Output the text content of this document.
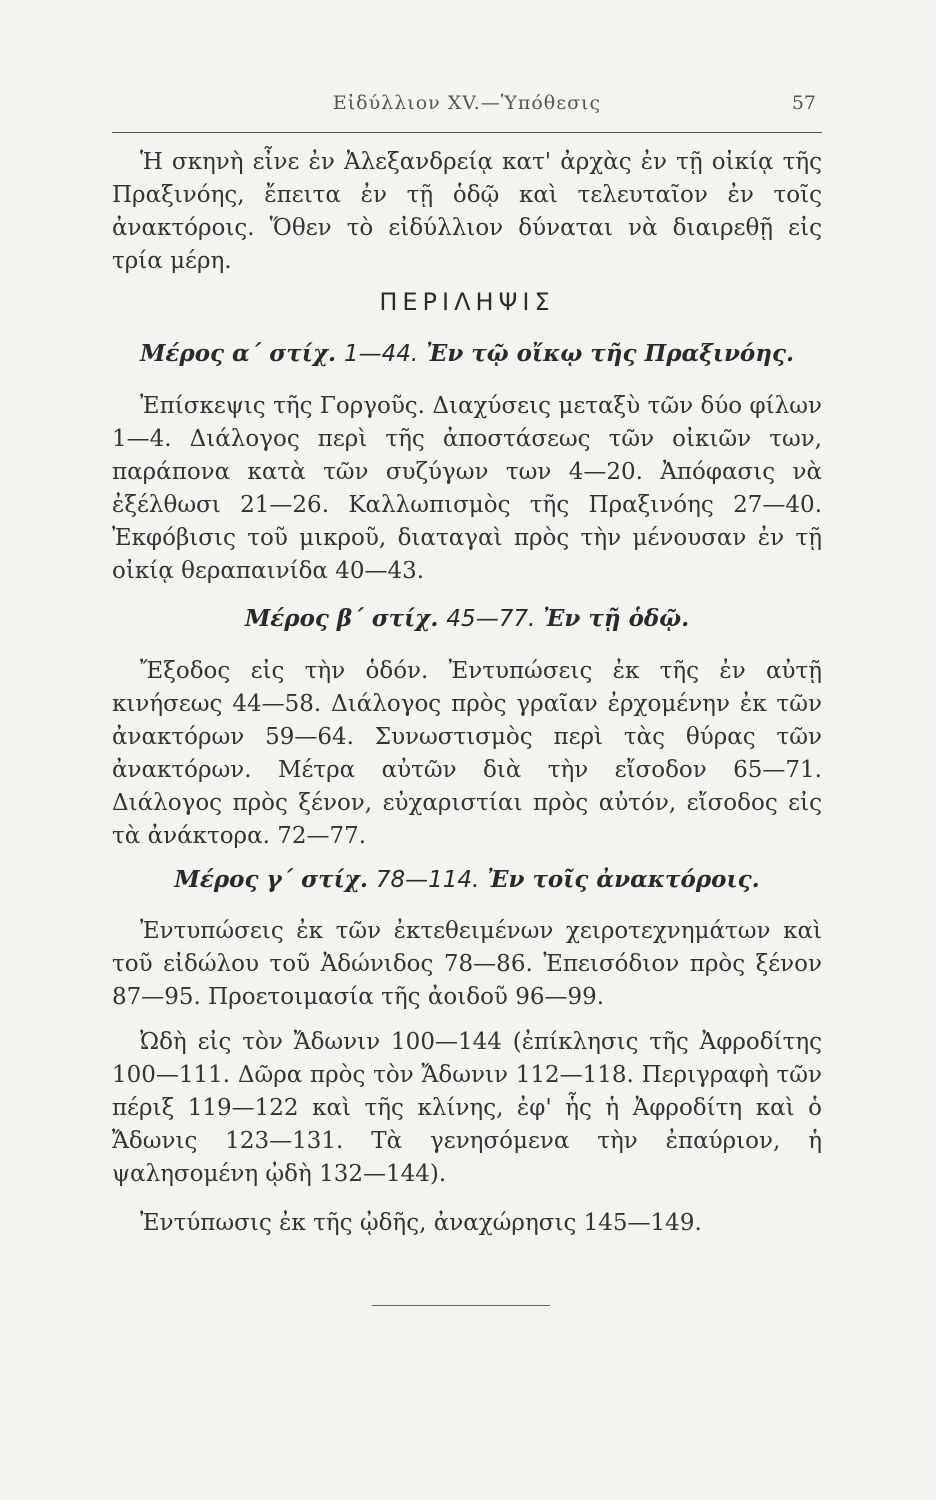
Εἰδύλλιον XV.—Ὑπόθεσις	57

Ἡ σκηνὴ εἶνε ἐν Ἀλεξανδρείᾳ κατ' ἀρχὰς ἐν τῇ οἰκίᾳ τῆς Πραξινόης, ἔπειτα ἐν τῇ ὁδῷ καὶ τελευταῖον ἐν τοῖς ἀνακτόροις. Ὅθεν τὸ εἰδύλλιον δύναται νὰ διαιρεθῇ εἰς τρία μέρη.

ΠΕΡΙΛΗΨΙΣ
Μέρος α΄ στίχ. 1—44. Ἐν τῷ οἴκῳ τῆς Πραξινόης.

Ἐπίσκεψις τῆς Γοργοῦς. Διαχύσεις μεταξὺ τῶν δύο φίλων 1—4. Διάλογος περὶ τῆς ἀποστάσεως τῶν οἰκιῶν των, παράπονα κατὰ τῶν συζύγων των 4—20. Ἀπόφασις νὰ ἐξέλθωσι 21—26. Καλλωπισμὸς τῆς Πραξινόης 27—40. Ἐκφόβισις τοῦ μικροῦ, διαταγαὶ πρὸς τὴν μένουσαν ἐν τῇ οἰκίᾳ θεραπαινίδα 40—43.

Μέρος β΄ στίχ. 45—77. Ἐν τῇ ὁδῷ.

Ἔξοδος εἰς τὴν ὁδόν. Ἐντυπώσεις ἐκ τῆς ἐν αὐτῇ κινήσεως 44—58. Διάλογος πρὸς γραῖαν ἐρχομένην ἐκ τῶν ἀνακτόρων 59—64. Συνωστισμὸς περὶ τὰς θύρας τῶν ἀνακτόρων. Μέτρα αὐτῶν διὰ τὴν εἴσοδον 65—71. Διάλογος πρὸς ξένον, εὐχαριστίαι πρὸς αὐτόν, εἴσοδος εἰς τὰ ἀνάκτορα. 72—77.

Μέρος γ΄ στίχ. 78—114. Ἐν τοῖς ἀνακτόροις.

Ἐντυπώσεις ἐκ τῶν ἐκτεθειμένων χειροτεχνημάτων καὶ τοῦ εἰδώλου τοῦ Ἀδώνιδος 78—86. Ἐπεισόδιον πρὸς ξένον 87—95. Προετοιμασία τῆς ἀοιδοῦ 96—99.

Ὠδὴ εἰς τὸν Ἄδωνιν 100—144 (ἐπίκλησις τῆς Ἀφροδίτης 100—111. Δῶρα πρὸς τὸν Ἄδωνιν 112—118. Περιγραφὴ τῶν πέριξ 119—122 καὶ τῆς κλίνης, ἐφ' ἧς ἡ Ἀφροδίτη καὶ ὁ Ἄδωνις 123—131. Τὰ γενησόμενα τὴν ἐπαύριον, ἡ ψαλησομένη ᾠδὴ 132—144).

Ἐντύπωσις ἐκ τῆς ᾠδῆς, ἀναχώρησις 145—149.
